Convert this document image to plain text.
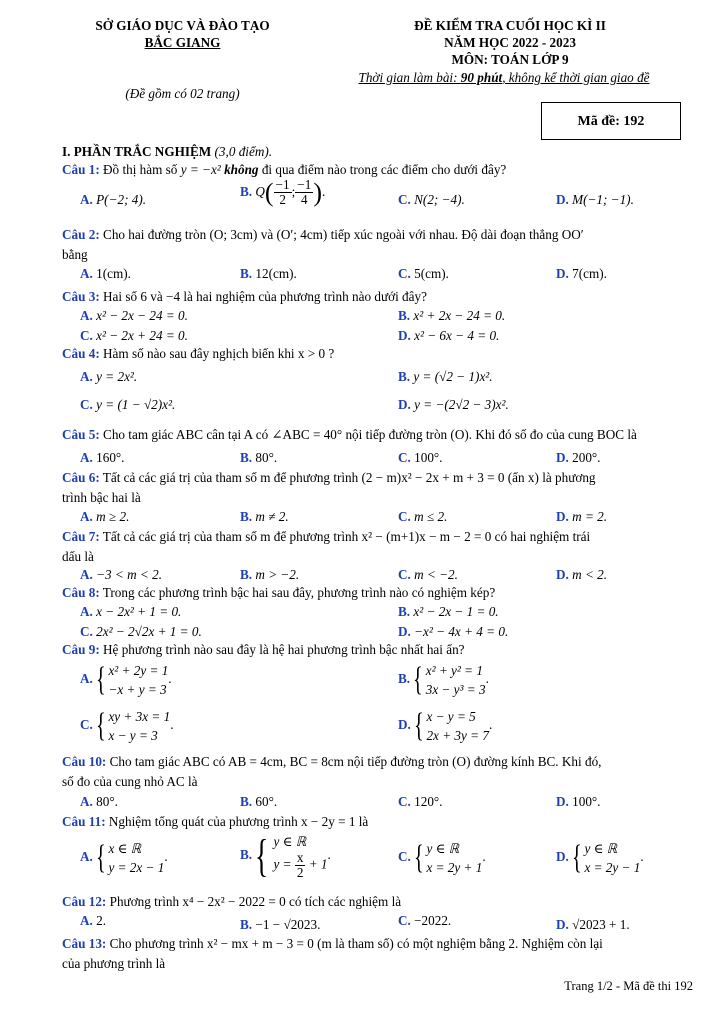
SỞ GIÁO DỤC VÀ ĐÀO TẠO
BẮC GIANG
(Đề gồm có 02 trang)
ĐỀ KIỂM TRA CUỐI HỌC KÌ II
NĂM HỌC 2022 - 2023
MÔN: TOÁN LỚP 9
Thời gian làm bài: 90 phút, không kể thời gian giao đề
Mã đề: 192
I. PHẦN TRẮC NGHIỆM (3,0 điểm).
Câu 1: Đồ thị hàm số y = −x² không đi qua điểm nào trong các điểm cho dưới đây?
A. P(−2; 4).
B. $Q( \frac{-1}{2}$ ; $\frac{-1}{4}$ ).
C. N(2; −4).	D. M(−1; −1).
Câu 2: Cho hai đường tròn (O; 3cm) và (O′; 4cm) tiếp xúc ngoài với nhau. Độ dài đoạn thẳng OO′
bằng
A. 1(cm).	B. 12(cm).	C. 5(cm).	D. 7(cm).
Câu 3: Hai số 6 và −4 là hai nghiệm của phương trình nào dưới đây?
A. x² − 2x − 24 = 0.	B. x² + 2x − 24 = 0.
C. x² − 2x + 24 = 0.	D. x² − 6x − 4 = 0.
Câu 4: Hàm số nào sau đây nghịch biến khi x > 0 ?
A. y = 2x².	B. y = (√2 − 1)x².
C. y = (1 − √2)x².	D. y = −(2√2 − 3)x².
Câu 5: Cho tam giác ABC cân tại A có ∠ABC = 40° nội tiếp đường tròn (O). Khi đó số đo của cung BOC là
A. 160°.	B. 80°.	C. 100°.	D. 200°.
Câu 6: Tất cả các giá trị của tham số m để phương trình (2 − m)x² − 2x + m + 3 = 0 (ẩn x) là phương
trình bậc hai là
A. m ≥ 2.	B. m ≠ 2.	C. m ≤ 2.	D. m = 2.
Câu 7: Tất cả các giá trị của tham số m để phương trình x² − (m+1)x − m − 2 = 0 có hai nghiệm trái
dấu là
A. −3 < m < 2.	B. m > −2.	C. m < −2.	D. m < 2.
Câu 8: Trong các phương trình bậc hai sau đây, phương trình nào có nghiệm kép?
A. x − 2x² + 1 = 0.	B. x² − 2x − 1 = 0.
C. 2x² − 2√2x + 1 = 0.	D. −x² − 4x + 4 = 0.
Câu 9: Hệ phương trình nào sau đây là hệ hai phương trình bậc nhất hai ẩn?
A. { x² + 2y = 1
−x + y = 3
.	B. { x² + y² = 1
3x − y³ = 3
.
C. { xy + 3x = 1
x − y = 3
.	D. { x − y = 5
2x + 3y = 7
.
Câu 10: Cho tam giác ABC có AB = 4cm, BC = 8cm nội tiếp đường tròn (O) đường kính BC. Khi đó,
số đo của cung nhỏ AC là
A. 80°.	B. 60°.	C. 120°.	D. 100°.
Câu 11: Nghiệm tổng quát của phương trình x − 2y = 1 là
A. { x ∈ ℝ
y = 2x − 1
.	B. { y ∈ ℝ
$y = \frac{x}{2} + 1$
.	C. { y ∈ ℝ
x = 2y + 1
.	D. { y ∈ ℝ
x = 2y − 1
.
Câu 12: Phương trình x⁴ − 2x² − 2022 = 0 có tích các nghiệm là
A. 2.	B. −1 − √2023.	C. −2022.	D. √2023 + 1.
Câu 13: Cho phương trình x² − mx + m − 3 = 0 (m là tham số) có một nghiệm bằng 2. Nghiệm còn lại
của phương trình là
Trang 1/2 - Mã đề thi 192
